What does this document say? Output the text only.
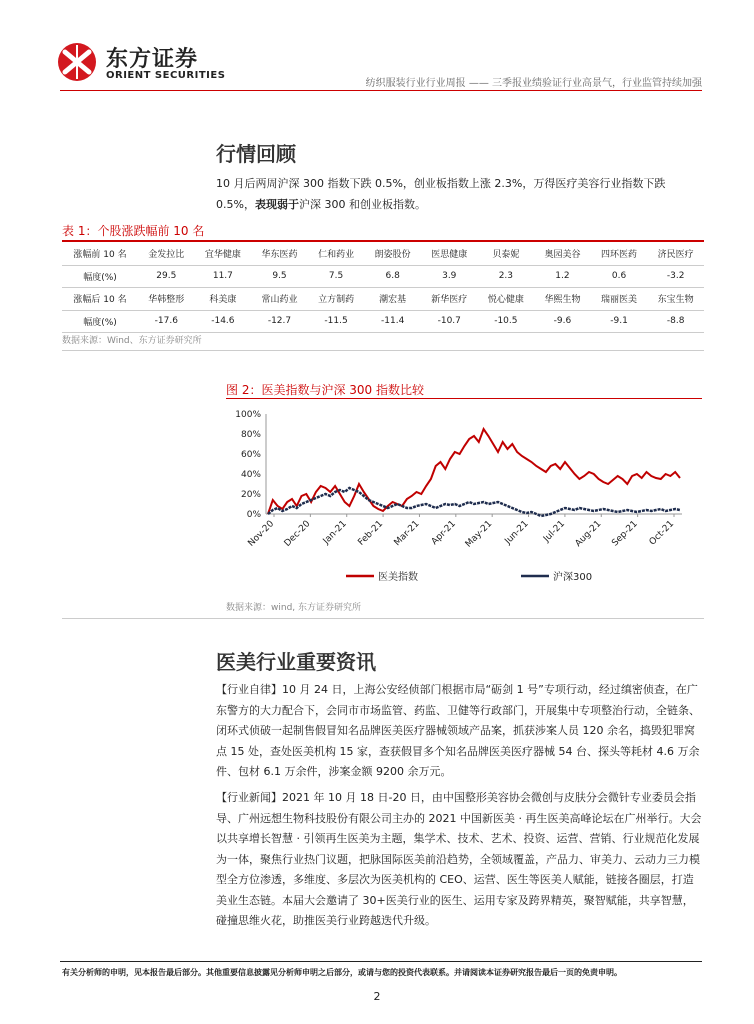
东方证券
ORIENT SECURITIES
纺织服装行业行业周报 —— 三季报业绩验证行业高景气，行业监管持续加强
行情回顾
10 月后两周沪深 300 指数下跌 0.5%，创业板指数上涨 2.3%，万得医疗美容行业指数下跌 0.5%，表现弱于沪深 300 和创业板指数。
表 1：个股涨跌幅前 10 名
涨幅前 10 名	金发拉比	宜华健康	华东医药	仁和药业	朗姿股份	医思健康	贝泰妮	奥园美谷	四环医药	济民医疗
幅度(%)	29.5	11.7	9.5	7.5	6.8	3.9	2.3	1.2	0.6	-3.2
涨幅后 10 名	华韩整形	科美康	常山药业	立方制药	潮宏基	新华医疗	悦心健康	华熙生物	瑞丽医美	东宝生物
幅度(%)	-17.6	-14.6	-12.7	-11.5	-11.4	-10.7	-10.5	-9.6	-9.1	-8.8
数据来源：Wind、东方证券研究所
图 2：医美指数与沪深 300 指数比较
0%
20%
40%
60%
80%
100%
Nov-20 Dec-20 Jan-21 Feb-21 Mar-21 Apr-21 May-21 Jun-21 Jul-21 Aug-21 Sep-21 Oct-21
医美指数	沪深300
数据来源：wind, 东方证券研究所
医美行业重要资讯
【行业自律】10 月 24 日，上海公安经侦部门根据市局“砺剑 1 号”专项行动，经过缜密侦查，在广东警方的大力配合下，会同市市场监管、药监、卫健等行政部门，开展集中专项整治行动，全链条、闭环式侦破一起制售假冒知名品牌医美医疗器械领域产品案，抓获涉案人员 120 余名，捣毁犯罪窝点 15 处，查处医美机构 15 家，查获假冒多个知名品牌医美医疗器械 54 台、探头等耗材 4.6 万余件、包材 6.1 万余件，涉案金额 9200 余万元。
【行业新闻】2021 年 10 月 18 日-20 日，由中国整形美容协会微创与皮肤分会微针专业委员会指导、广州远想生物科技股份有限公司主办的 2021 中国新医美 · 再生医美高峰论坛在广州举行。大会以共享增长智慧 · 引领再生医美为主题，集学术、技术、艺术、投资、运营、营销、行业规范化发展为一体，聚焦行业热门议题，把脉国际医美前沿趋势，全领域覆盖，产品力、审美力、云动力三力模型全方位渗透，多维度、多层次为医美机构的 CEO、运营、医生等医美人赋能，链接各圈层，打造美业生态链。本届大会邀请了 30+医美行业的医生、运用专家及跨界精英，聚智赋能，共享智慧，碰撞思维火花，助推医美行业跨越迭代升级。
有关分析师的申明，见本报告最后部分。其他重要信息披露见分析师申明之后部分，或请与您的投资代表联系。并请阅读本证券研究报告最后一页的免责申明。
2
